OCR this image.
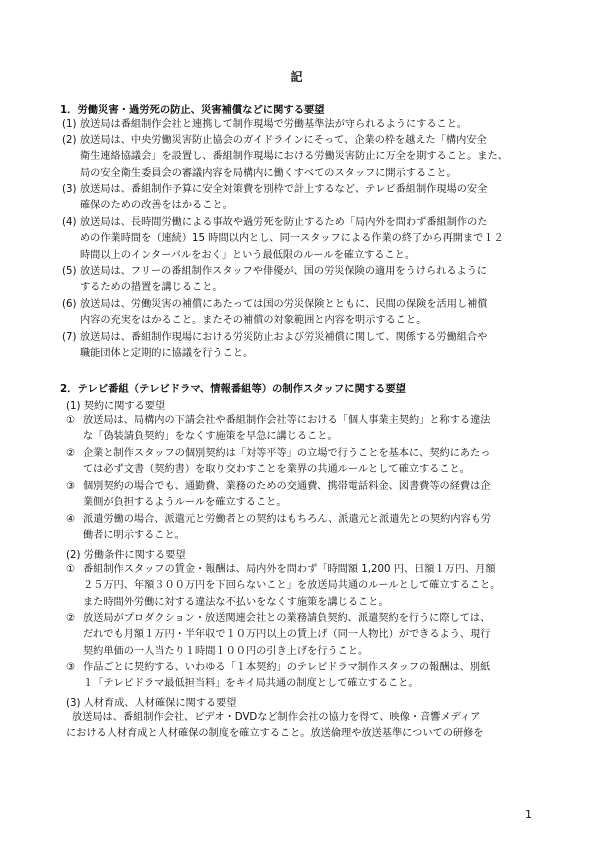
記
1．労働災害・過労死の防止、災害補償などに関する要望
(1) 放送局は番組制作会社と連携して制作現場で労働基準法が守られるようにすること。
(2) 放送局は、中央労働災害防止協会のガイドラインにそって、企業の枠を越えた「構内安全
衛生連絡協議会」を設置し、番組制作現場における労働災害防止に万全を期すること。また、
局の安全衛生委員会の審議内容を局構内に働くすべてのスタッフに開示すること。
(3) 放送局は、番組制作予算に安全対策費を別枠で計上するなど、テレビ番組制作現場の安全
確保のための改善をはかること。
(4) 放送局は、長時間労働による事故や過労死を防止するため「局内外を問わず番組制作のた
めの作業時間を（連続）15 時間以内とし、同一スタッフによる作業の終了から再開まで１２
時間以上のインターバルをおく」という最低限のルールを確立すること。
(5) 放送局は、フリーの番組制作スタッフや俳優が、国の労災保険の適用をうけられるように
するための措置を講じること。
(6) 放送局は、労働災害の補償にあたっては国の労災保険とともに、民間の保険を活用し補償
内容の充実をはかること。またその補償の対象範囲と内容を明示すること。
(7) 放送局は、番組制作現場における労災防止および労災補償に関して、関係する労働組合や
職能団体と定期的に協議を行うこと。
2．テレビ番組（テレビドラマ、情報番組等）の制作スタッフに関する要望
(1) 契約に関する要望
① 放送局は、局構内の下請会社や番組制作会社等における「個人事業主契約」と称する違法
な「偽装請負契約」をなくす施策を早急に講じること。
② 企業と制作スタッフの個別契約は「対等平等」の立場で行うことを基本に、契約にあたっ
ては必ず文書（契約書）を取り交わすことを業界の共通ルールとして確立すること。
③ 個別契約の場合でも、通勤費、業務のための交通費、携帯電話料金、図書費等の経費は企
業側が負担するようルールを確立すること。
④ 派遣労働の場合、派遣元と労働者との契約はもちろん、派遣元と派遣先との契約内容も労
働者に明示すること。
(2) 労働条件に関する要望
① 番組制作スタッフの賃金・報酬は、局内外を問わず「時間額 1,200 円、日額１万円、月額
２５万円、年額３００万円を下回らないこと」を放送局共通のルールとして確立すること。
また時間外労働に対する違法な不払いをなくす施策を講じること。
② 放送局がプロダクション・放送関連会社との業務請負契約、派遣契約を行うに際しては、
だれでも月額１万円・半年収で１０万円以上の賃上げ（同一人物比）ができるよう、現行
契約単価の一人当たり１時間１００円の引き上げを行うこと。
③ 作品ごとに契約する、いわゆる「１本契約」のテレビドラマ制作スタッフの報酬は、別紙
１「テレビドラマ最低担当料」をキイ局共通の制度として確立すること。
(3) 人材育成、人材確保に関する要望
放送局は、番組制作会社、ビデオ・DVDなど制作会社の協力を得て、映像・音響メディア
における人材育成と人材確保の制度を確立すること。放送倫理や放送基準についての研修を
1
